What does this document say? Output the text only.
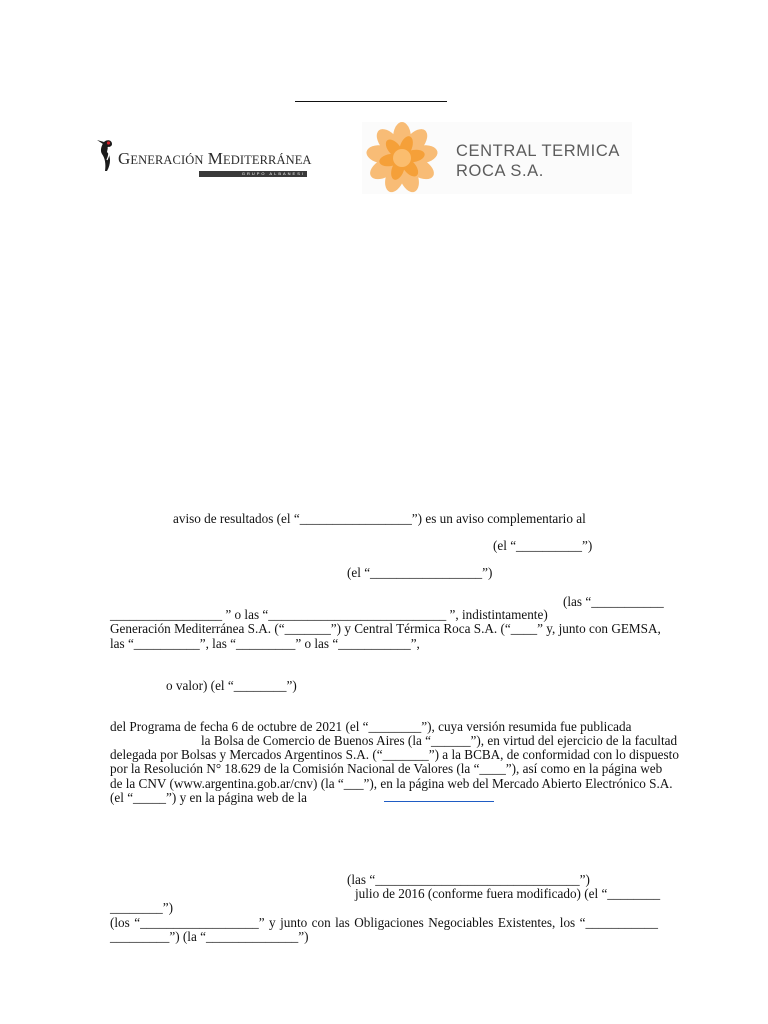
GENERACIÓN MEDITERRÁNEA
GRUPO ALBANESI
CENTRAL TERMICA
ROCA S.A.
aviso de resultados (el “_________________”) es un aviso complementario al
(el “__________”)
(el “_________________”)
(las “___________
_________________ ” o las “___________________________ ”, indistintamente)
Generación Mediterránea S.A. (“_______”) y Central Térmica Roca S.A. (“____” y, junto con GEMSA,
las “__________”, las “_________” o las “___________”,
o valor) (el “________”)
del Programa de fecha 6 de octubre de 2021 (el “________”), cuya versión resumida fue publicada
la Bolsa de Comercio de Buenos Aires (la “______”), en virtud del ejercicio de la facultad
delegada por Bolsas y Mercados Argentinos S.A. (“_______”) a la BCBA, de conformidad con lo dispuesto
por la Resolución N° 18.629 de la Comisión Nacional de Valores (la “____”), así como en la página web
de la CNV (www.argentina.gob.ar/cnv) (la “___”), en la página web del Mercado Abierto Electrónico S.A.
(el “_____”) y en la página web de la
(las “_______________________________”)
julio de 2016 (conforme fuera modificado) (el “________
________”)
(los “__________________” y junto con las Obligaciones Negociables Existentes, los “___________
_________”) (la “______________”)
